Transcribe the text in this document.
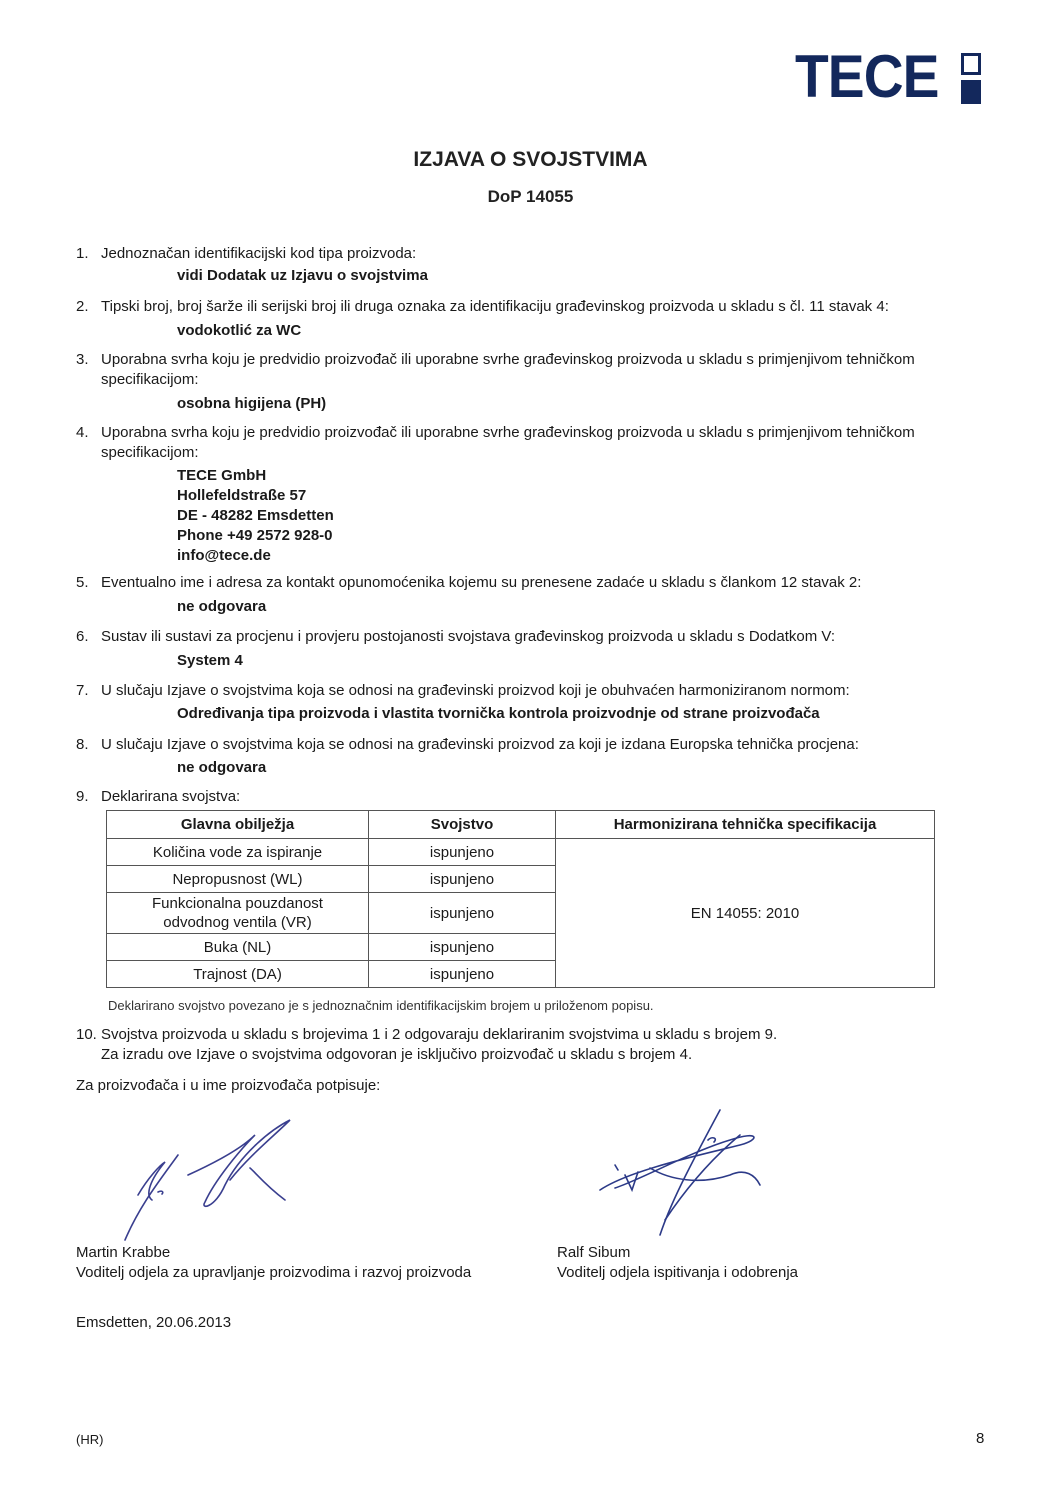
TECE
IZJAVA O SVOJSTVIMA
DoP 14055
1. Jednoznačan identifikacijski kod tipa proizvoda:
vidi Dodatak uz Izjavu o svojstvima
2. Tipski broj, broj šarže ili serijski broj ili druga oznaka za identifikaciju građevinskog proizvoda u skladu s čl. 11 stavak 4:
vodokotlić za WC
3. Uporabna svrha koju je predvidio proizvođač ili uporabne svrhe građevinskog proizvoda u skladu s primjenjivom tehničkom specifikacijom:
osobna higijena (PH)
4. Uporabna svrha koju je predvidio proizvođač ili uporabne svrhe građevinskog proizvoda u skladu s primjenjivom tehničkom specifikacijom:
TECE GmbH
Hollefeldstraße 57
DE - 48282 Emsdetten
Phone +49 2572 928-0
info@tece.de
5. Eventualno ime i adresa za kontakt opunomoćenika kojemu su prenesene zadaće u skladu s člankom 12 stavak 2:
ne odgovara
6. Sustav ili sustavi za procjenu i provjeru postojanosti svojstava građevinskog proizvoda u skladu s Dodatkom V:
System 4
7. U slučaju Izjave o svojstvima koja se odnosi na građevinski proizvod koji je obuhvaćen harmoniziranom normom:
Određivanja tipa proizvoda i vlastita tvornička kontrola proizvodnje od strane proizvođača
8. U slučaju Izjave o svojstvima koja se odnosi na građevinski proizvod za koji je izdana Europska tehnička procjena:
ne odgovara
9. Deklarirana svojstva:
Glavna obilježja	Svojstvo	Harmonizirana tehnička specifikacija
Količina vode za ispiranje	ispunjeno	EN 14055: 2010
Nepropusnost (WL)	ispunjeno	
Funkcionalna pouzdanost odvodnog ventila (VR)	ispunjeno	
Buka (NL)	ispunjeno	
Trajnost (DA)	ispunjeno	
Deklarirano svojstvo povezano je s jednoznačnim identifikacijskim brojem u priloženom popisu.
10. Svojstva proizvoda u skladu s brojevima 1 i 2 odgovaraju deklariranim svojstvima u skladu s brojem 9.
Za izradu ove Izjave o svojstvima odgovoran je isključivo proizvođač u skladu s brojem 4.
Za proizvođača i u ime proizvođača potpisuje:
Martin Krabbe
Voditelj odjela za upravljanje proizvodima i razvoj proizvoda
Ralf Sibum
Voditelj odjela ispitivanja i odobrenja
Emsdetten, 20.06.2013
(HR)	8
